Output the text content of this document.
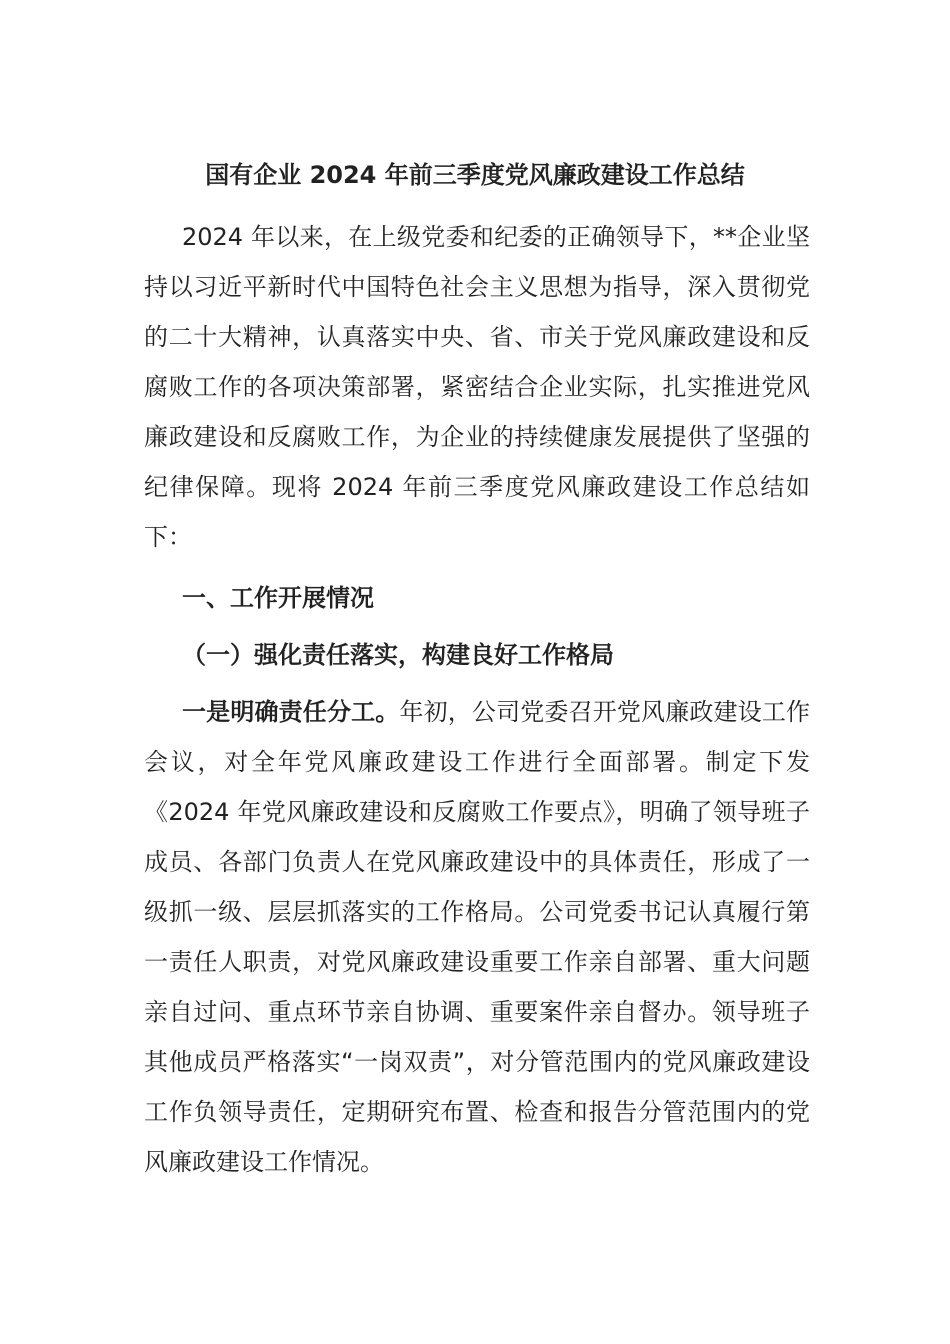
国有企业 2024 年前三季度党风廉政建设工作总结

2024 年以来，在上级党委和纪委的正确领导下，**企业坚持以习近平新时代中国特色社会主义思想为指导，深入贯彻党的二十大精神，认真落实中央、省、市关于党风廉政建设和反腐败工作的各项决策部署，紧密结合企业实际，扎实推进党风廉政建设和反腐败工作，为企业的持续健康发展提供了坚强的纪律保障。现将 2024 年前三季度党风廉政建设工作总结如下：

一、工作开展情况
（一）强化责任落实，构建良好工作格局

一是明确责任分工。年初，公司党委召开党风廉政建设工作会议，对全年党风廉政建设工作进行全面部署。制定下发《2024 年党风廉政建设和反腐败工作要点》，明确了领导班子成员、各部门负责人在党风廉政建设中的具体责任，形成了一级抓一级、层层抓落实的工作格局。公司党委书记认真履行第一责任人职责，对党风廉政建设重要工作亲自部署、重大问题亲自过问、重点环节亲自协调、重要案件亲自督办。领导班子其他成员严格落实“一岗双责”，对分管范围内的党风廉政建设工作负领导责任，定期研究布置、检查和报告分管范围内的党风廉政建设工作情况。
